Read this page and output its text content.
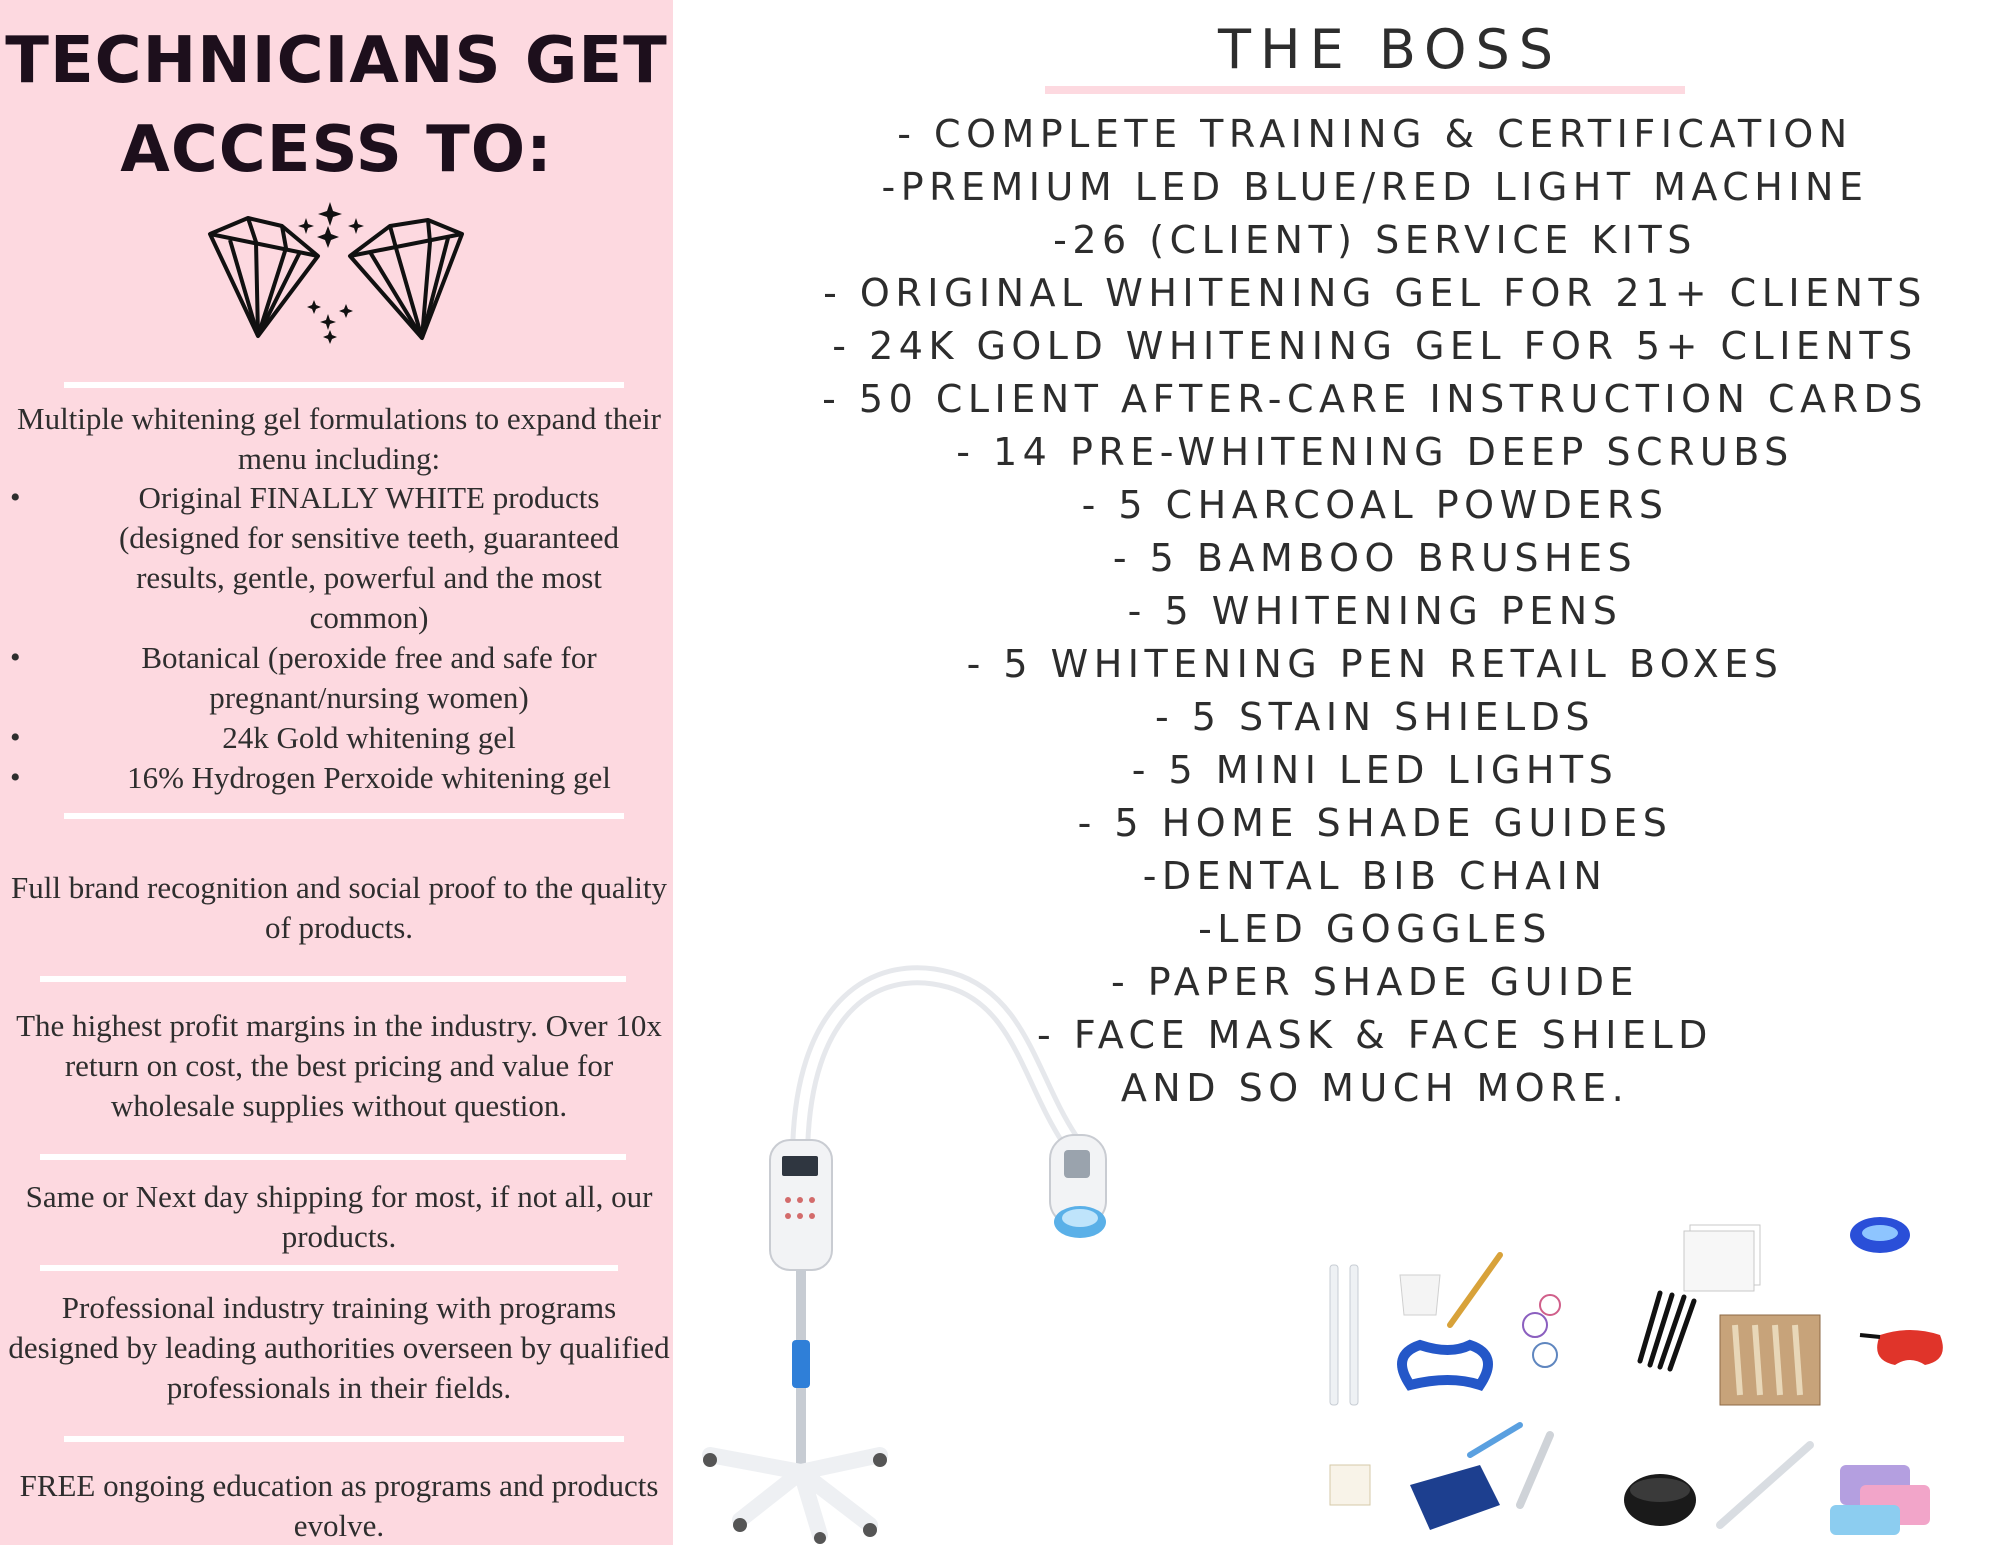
TECHNICIANS GET
ACCESS TO:
Multiple whitening gel formulations to expand their menu including:
•	Original FINALLY WHITE products (designed for sensitive teeth, guaranteed results, gentle, powerful and the most common)
•	Botanical (peroxide free and safe for pregnant/nursing women)
•	24k Gold whitening gel
•	16% Hydrogen Perxoide whitening gel
Full brand recognition and social proof to the quality of products.
The highest profit margins in the industry. Over 10x return on cost, the best pricing and value for wholesale supplies without question.
Same or Next day shipping for most, if not all, our products.
Professional industry training with programs designed by leading authorities overseen by qualified professionals in their fields.
FREE ongoing education as programs and products evolve.
THE BOSS
- COMPLETE TRAINING & CERTIFICATION
-PREMIUM LED BLUE/RED LIGHT MACHINE
-26 (CLIENT) SERVICE KITS
- ORIGINAL WHITENING GEL FOR 21+ CLIENTS
- 24K GOLD WHITENING GEL FOR 5+ CLIENTS
- 50 CLIENT AFTER-CARE INSTRUCTION CARDS
- 14 PRE-WHITENING DEEP SCRUBS
- 5 CHARCOAL POWDERS
- 5 BAMBOO BRUSHES
- 5 WHITENING PENS
- 5 WHITENING PEN RETAIL BOXES
- 5 STAIN SHIELDS
- 5 MINI LED LIGHTS
- 5 HOME SHADE GUIDES
-DENTAL BIB CHAIN
-LED GOGGLES
- PAPER SHADE GUIDE
- FACE MASK & FACE SHIELD
AND SO MUCH MORE.
